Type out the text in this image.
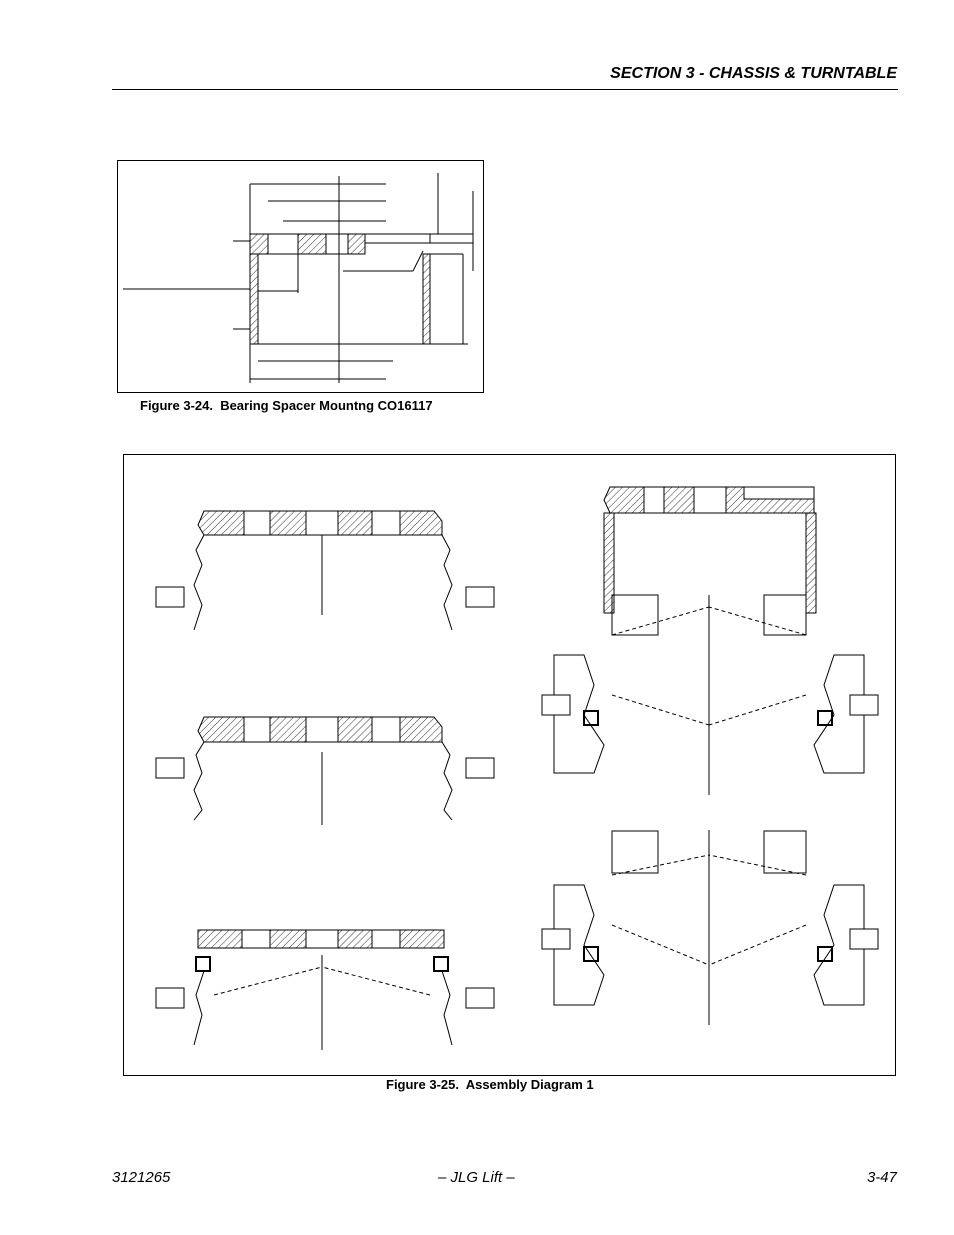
SECTION 3 - CHASSIS & TURNTABLE
Figure 3-24.  Bearing Spacer Mountng CO16117
Figure 3-25.  Assembly Diagram 1
3121265	– JLG Lift –	3-47
